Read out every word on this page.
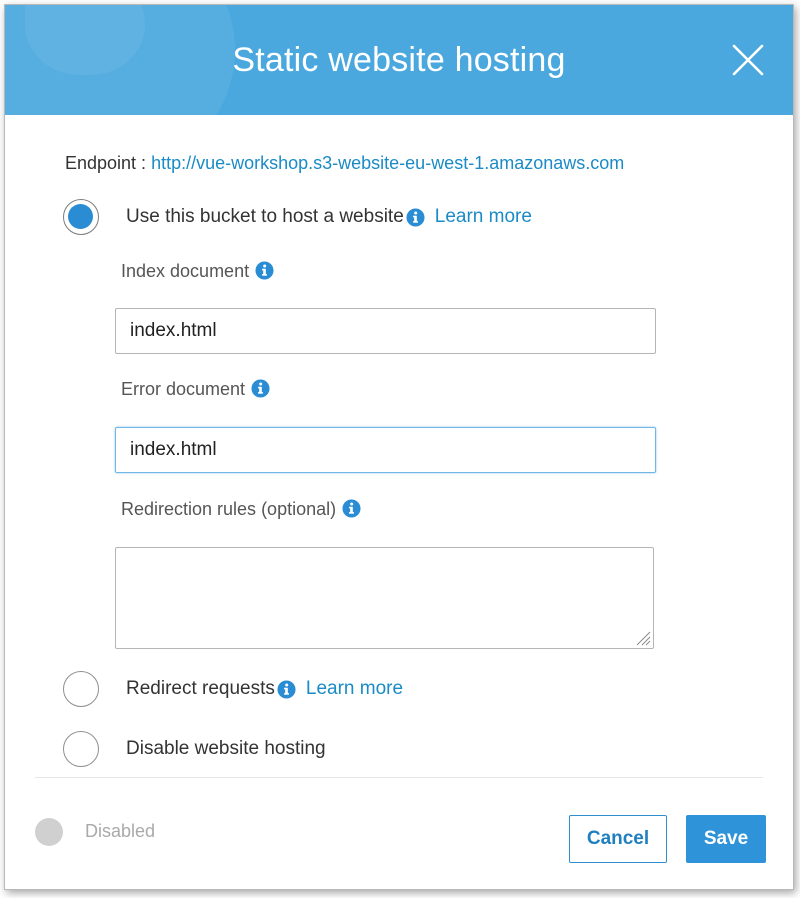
Static website hosting
Endpoint : http://vue-workshop.s3-website-eu-west-1.amazonaws.com
Use this bucket to host a website Learn more
Index document
index.html
Error document
index.html
Redirection rules (optional)
Redirect requests Learn more
Disable website hosting
Disabled	Cancel	Save
